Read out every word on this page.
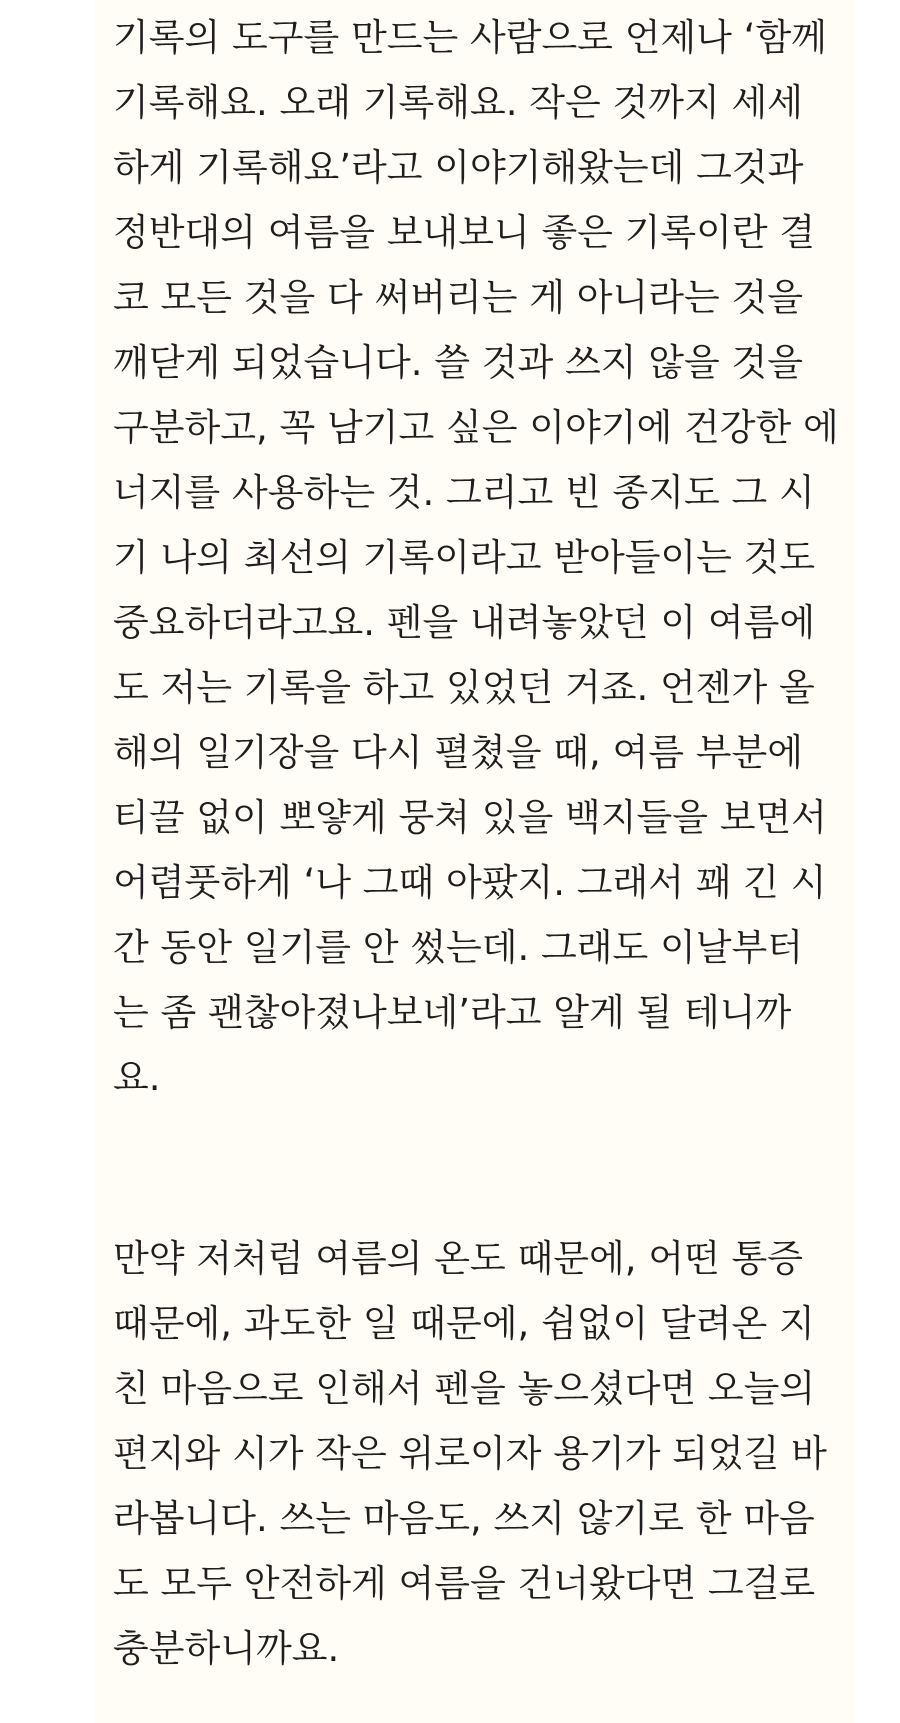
기록의 도구를 만드는 사람으로 언제나 ‘함께
기록해요. 오래 기록해요. 작은 것까지 세세
하게 기록해요’라고 이야기해왔는데 그것과
정반대의 여름을 보내보니 좋은 기록이란 결
코 모든 것을 다 써버리는 게 아니라는 것을
깨닫게 되었습니다. 쓸 것과 쓰지 않을 것을
구분하고, 꼭 남기고 싶은 이야기에 건강한 에
너지를 사용하는 것. 그리고 빈 종지도 그 시
기 나의 최선의 기록이라고 받아들이는 것도
중요하더라고요. 펜을 내려놓았던 이 여름에
도 저는 기록을 하고 있었던 거죠. 언젠가 올
해의 일기장을 다시 펼쳤을 때, 여름 부분에
티끌 없이 뽀얗게 뭉쳐 있을 백지들을 보면서
어렴풋하게 ‘나 그때 아팠지. 그래서 꽤 긴 시
간 동안 일기를 안 썼는데. 그래도 이날부터
는 좀 괜찮아졌나보네’라고 알게 될 테니까
요.

만약 저처럼 여름의 온도 때문에, 어떤 통증
때문에, 과도한 일 때문에, 쉼없이 달려온 지
친 마음으로 인해서 펜을 놓으셨다면 오늘의
편지와 시가 작은 위로이자 용기가 되었길 바
라봅니다. 쓰는 마음도, 쓰지 않기로 한 마음
도 모두 안전하게 여름을 건너왔다면 그걸로
충분하니까요.
